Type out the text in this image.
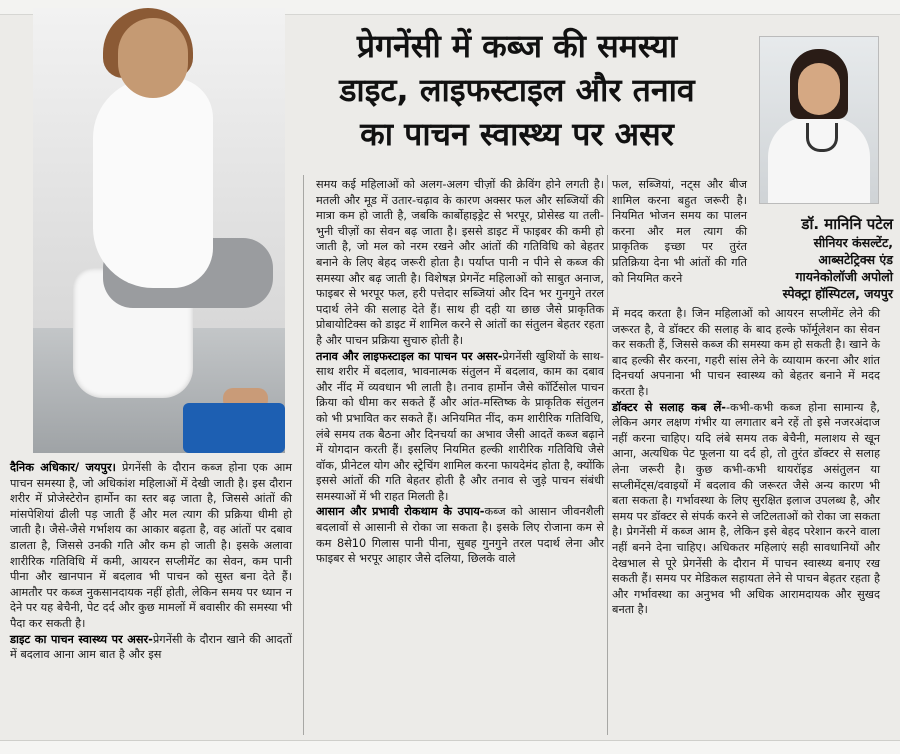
प्रेगनेंसी में कब्ज की समस्या
डाइट, लाइफस्टाइल और तनाव
का पाचन स्वास्थ्य पर असर
डॉ. मानिनि पटेल
सीनियर कंसल्टेंट,
आब्सटेट्रिक्स एंड
गायनेकोलॉजी अपोलो
स्पेक्ट्रा हॉस्पिटल, जयपुर

दैनिक अधिकार/ जयपुर। प्रेगनेंसी के दौरान कब्ज होना एक आम पाचन समस्या है, जो अधिकांश महिलाओं में देखी जाती है। इस दौरान शरीर में प्रोजेस्टेरोन हार्मोन का स्तर बढ़ जाता है, जिससे आंतों की मांसपेशियां ढीली पड़ जाती हैं और मल त्याग की प्रक्रिया धीमी हो जाती है। जैसे-जैसे गर्भाशय का आकार बढ़ता है, वह आंतों पर दबाव डालता है, जिससे उनकी गति और कम हो जाती है। इसके अलावा शारीरिक गतिविधि में कमी, आयरन सप्लीमेंट का सेवन, कम पानी पीना और खानपान में बदलाव भी पाचन को सुस्त बना देते हैं। आमतौर पर कब्ज नुकसानदायक नहीं होती, लेकिन समय पर ध्यान न देने पर यह बेचैनी, पेट दर्द और कुछ मामलों में बवासीर की समस्या भी पैदा कर सकती है।

डाइट का पाचन स्वास्थ्य पर असर-प्रेगनेंसी के दौरान खाने की आदतों में बदलाव आना आम बात है और इस

समय कई महिलाओं को अलग-अलग चीज़ों की क्रेविंग होने लगती है। मतली और मूड में उतार-चढ़ाव के कारण अक्सर फल और सब्जियों की मात्रा कम हो जाती है, जबकि कार्बोहाइड्रेट से भरपूर, प्रोसेस्ड या तली-भुनी चीज़ों का सेवन बढ़ जाता है। इससे डाइट में फाइबर की कमी हो जाती है, जो मल को नरम रखने और आंतों की गतिविधि को बेहतर बनाने के लिए बेहद जरूरी होता है। पर्याप्त पानी न पीने से कब्ज की समस्या और बढ़ जाती है। विशेषज्ञ प्रेगनेंट महिलाओं को साबुत अनाज, फाइबर से भरपूर फल, हरी पत्तेदार सब्जियां और दिन भर गुनगुने तरल पदार्थ लेने की सलाह देते हैं। साथ ही दही या छाछ जैसे प्राकृतिक प्रोबायोटिक्स को डाइट में शामिल करने से आंतों का संतुलन बेहतर रहता है और पाचन प्रक्रिया सुचारु होती है।

तनाव और लाइफस्टाइल का पाचन पर असर-प्रेगनेंसी खुशियों के साथ-साथ शरीर में बदलाव, भावनात्मक संतुलन में बदलाव, काम का दबाव और नींद में व्यवधान भी लाती है। तनाव हार्मोन जैसे कॉर्टिसोल पाचन क्रिया को धीमा कर सकते हैं और आंत-मस्तिष्क के प्राकृतिक संतुलन को भी प्रभावित कर सकते हैं। अनियमित नींद, कम शारीरिक गतिविधि, लंबे समय तक बैठना और दिनचर्या का अभाव जैसी आदतें कब्ज बढ़ाने में योगदान करती हैं। इसलिए नियमित हल्की शारीरिक गतिविधि जैसे वॉक, प्रीनेटल योग और स्ट्रेचिंग शामिल करना फायदेमंद होता है, क्योंकि इससे आंतों की गति बेहतर होती है और तनाव से जुड़े पाचन संबंधी समस्याओं में भी राहत मिलती है।

आसान और प्रभावी रोकथाम के उपाय-कब्ज को आसान जीवनशैली बदलावों से आसानी से रोका जा सकता है। इसके लिए रोजाना कम से कम 8से10 गिलास पानी पीना, सुबह गुनगुने तरल पदार्थ लेना और फाइबर से भरपूर आहार जैसे दलिया, छिलके वाले

फल, सब्जियां, नट्स और बीज शामिल करना बहुत जरूरी है। नियमित भोजन समय का पालन करना और मल त्याग की प्राकृतिक इच्छा पर तुरंत प्रतिक्रिया देना भी आंतों की गति को नियमित करने

में मदद करता है। जिन महिलाओं को आयरन सप्लीमेंट लेने की जरूरत है, वे डॉक्टर की सलाह के बाद हल्के फॉर्मूलेशन का सेवन कर सकती हैं, जिससे कब्ज की समस्या कम हो सकती है। खाने के बाद हल्की सैर करना, गहरी सांस लेने के व्यायाम करना और शांत दिनचर्या अपनाना भी पाचन स्वास्थ्य को बेहतर बनाने में मदद करता है।

डॉक्टर से सलाह कब लें--कभी-कभी कब्ज होना सामान्य है, लेकिन अगर लक्षण गंभीर या लगातार बने रहें तो इसे नजरअंदाज नहीं करना चाहिए। यदि लंबे समय तक बेचैनी, मलाशय से खून आना, अत्यधिक पेट फूलना या दर्द हो, तो तुरंत डॉक्टर से सलाह लेना जरूरी है। कुछ कभी-कभी थायरॉइड असंतुलन या सप्लीमेंट्स/दवाइयों में बदलाव की जरूरत जैसे अन्य कारण भी बता सकता है। गर्भावस्था के लिए सुरक्षित इलाज उपलब्ध है, और समय पर डॉक्टर से संपर्क करने से जटिलताओं को रोका जा सकता है। प्रेगनेंसी में कब्ज आम है, लेकिन इसे बेहद परेशान करने वाला नहीं बनने देना चाहिए। अधिकतर महिलाएं सही सावधानियों और देखभाल से पूरे प्रेगनेंसी के दौरान में पाचन स्वास्थ्य बनाए रख सकती हैं। समय पर मेडिकल सहायता लेने से पाचन बेहतर रहता है और गर्भावस्था का अनुभव भी अधिक आरामदायक और सुखद बनता है।
